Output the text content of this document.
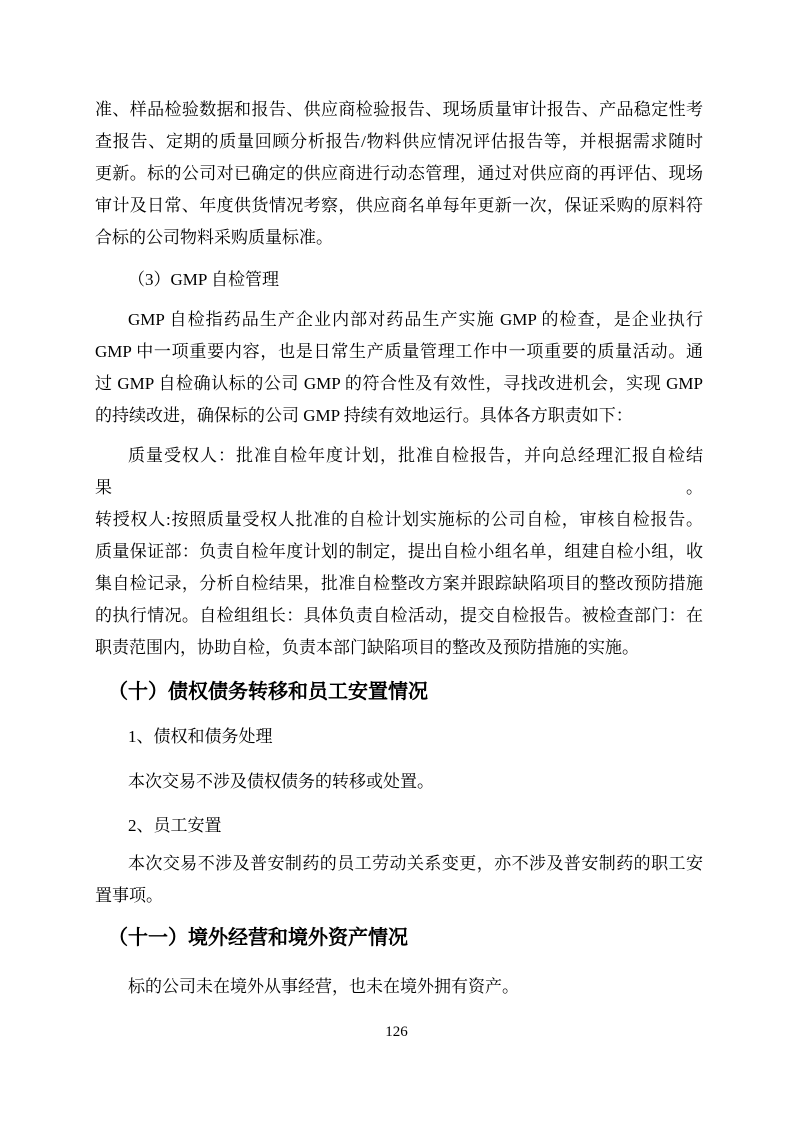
准、样品检验数据和报告、供应商检验报告、现场质量审计报告、产品稳定性考
查报告、定期的质量回顾分析报告/物料供应情况评估报告等，并根据需求随时
更新。标的公司对已确定的供应商进行动态管理，通过对供应商的再评估、现场
审计及日常、年度供货情况考察，供应商名单每年更新一次，保证采购的原料符
合标的公司物料采购质量标准。
（3）GMP 自检管理
GMP 自检指药品生产企业内部对药品生产实施 GMP 的检查，是企业执行
GMP 中一项重要内容，也是日常生产质量管理工作中一项重要的质量活动。通
过 GMP 自检确认标的公司 GMP 的符合性及有效性，寻找改进机会，实现 GMP
的持续改进，确保标的公司 GMP 持续有效地运行。具体各方职责如下：
质量受权人：批准自检年度计划，批准自检报告，并向总经理汇报自检结果。
转授权人:按照质量受权人批准的自检计划实施标的公司自检，审核自检报告。
质量保证部：负责自检年度计划的制定，提出自检小组名单，组建自检小组，收
集自检记录，分析自检结果，批准自检整改方案并跟踪缺陷项目的整改预防措施
的执行情况。自检组组长：具体负责自检活动，提交自检报告。被检查部门：在
职责范围内，协助自检，负责本部门缺陷项目的整改及预防措施的实施。
（十）债权债务转移和员工安置情况
1、债权和债务处理
本次交易不涉及债权债务的转移或处置。
2、员工安置
本次交易不涉及普安制药的员工劳动关系变更，亦不涉及普安制药的职工安
置事项。
（十一）境外经营和境外资产情况
标的公司未在境外从事经营，也未在境外拥有资产。
126
